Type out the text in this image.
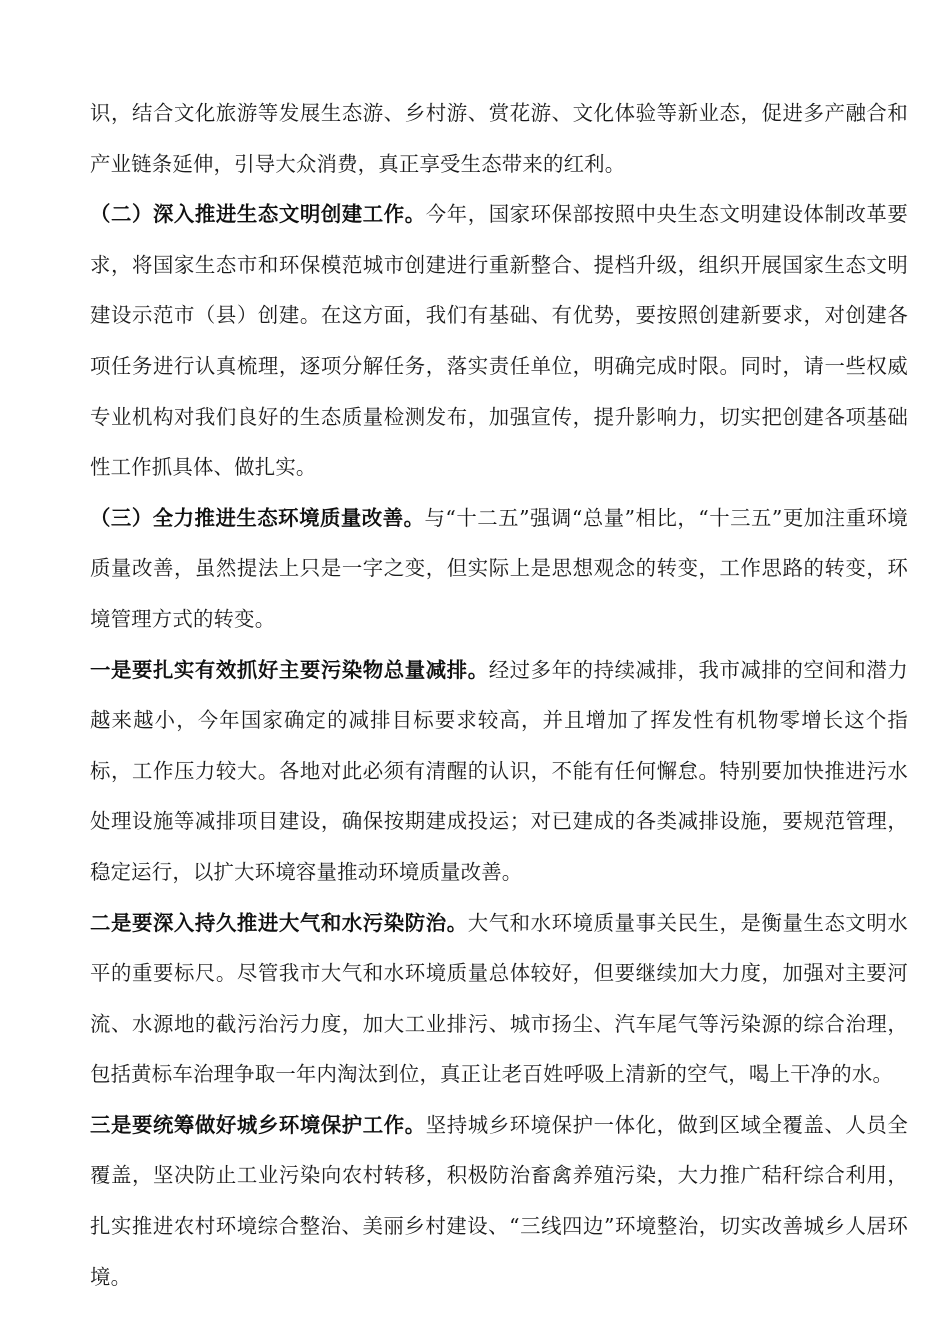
识，结合文化旅游等发展生态游、乡村游、赏花游、文化体验等新业态，促进多产融合和产业链条延伸，引导大众消费，真正享受生态带来的红利。

（二）深入推进生态文明创建工作。今年，国家环保部按照中央生态文明建设体制改革要求，将国家生态市和环保模范城市创建进行重新整合、提档升级，组织开展国家生态文明建设示范市（县）创建。在这方面，我们有基础、有优势，要按照创建新要求，对创建各项任务进行认真梳理，逐项分解任务，落实责任单位，明确完成时限。同时，请一些权威专业机构对我们良好的生态质量检测发布，加强宣传，提升影响力，切实把创建各项基础性工作抓具体、做扎实。

（三）全力推进生态环境质量改善。与“十二五”强调“总量”相比，“十三五”更加注重环境质量改善，虽然提法上只是一字之变，但实际上是思想观念的转变，工作思路的转变，环境管理方式的转变。

一是要扎实有效抓好主要污染物总量减排。经过多年的持续减排，我市减排的空间和潜力越来越小，今年国家确定的减排目标要求较高，并且增加了挥发性有机物零增长这个指标，工作压力较大。各地对此必须有清醒的认识，不能有任何懈怠。特别要加快推进污水处理设施等减排项目建设，确保按期建成投运；对已建成的各类减排设施，要规范管理，稳定运行，以扩大环境容量推动环境质量改善。

二是要深入持久推进大气和水污染防治。大气和水环境质量事关民生，是衡量生态文明水平的重要标尺。尽管我市大气和水环境质量总体较好，但要继续加大力度，加强对主要河流、水源地的截污治污力度，加大工业排污、城市扬尘、汽车尾气等污染源的综合治理，包括黄标车治理争取一年内淘汰到位，真正让老百姓呼吸上清新的空气，喝上干净的水。

三是要统筹做好城乡环境保护工作。坚持城乡环境保护一体化，做到区域全覆盖、人员全覆盖，坚决防止工业污染向农村转移，积极防治畜禽养殖污染，大力推广秸秆综合利用，扎实推进农村环境综合整治、美丽乡村建设、“三线四边”环境整治，切实改善城乡人居环境。
